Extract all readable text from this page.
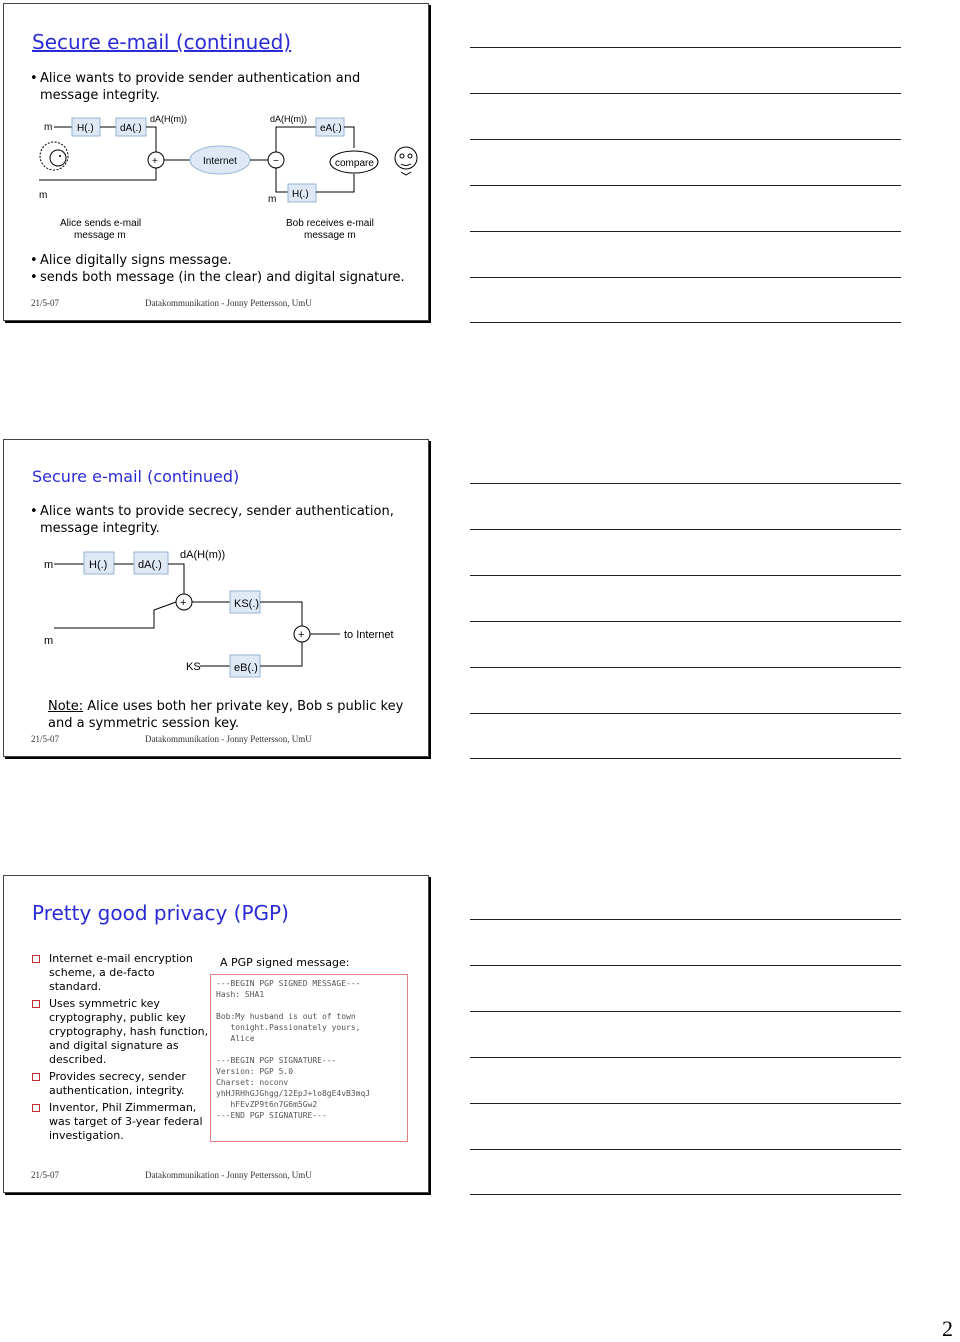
Secure e-mail (continued)
• Alice wants to provide sender authentication and message integrity.
m H(.)	dA(.)
dA(H(m))
+	Internet	−
dA(H(m))
eA(.)
compare
H(.)
m	m
Alice sends e-mail
message m
Bob receives e-mail
message m
• Alice digitally signs message.
• sends both message (in the clear) and digital signature.
21/5-07	Datakommunikation - Jonny Pettersson, UmU
Secure e-mail (continued)
• Alice wants to provide secrecy, sender authentication, message integrity.
m	H(.)	dA(.)
dA(H(m))
+	KS(.)
m	+	to Internet
KS	eB(.)
Note: Alice uses both her private key, Bob s public key and a symmetric session key.
21/5-07	Datakommunikation - Jonny Pettersson, UmU
Pretty good privacy (PGP)
Internet e-mail encryption scheme, a de-facto standard.
Uses symmetric key cryptography, public key cryptography, hash function, and digital signature as described.
Provides secrecy, sender authentication, integrity.
Inventor, Phil Zimmerman, was target of 3-year federal investigation.
A PGP signed message:
---BEGIN PGP SIGNED MESSAGE---
Hash: SHA1

Bob:My husband is out of town
tonight.Passionately yours,
Alice

---BEGIN PGP SIGNATURE---
Version: PGP 5.0
Charset: noconv
yhHJRHhGJGhgg/12EpJ+lo8gE4vB3mqJ
hFEvZP9t6n7G6m5Gw2
---END PGP SIGNATURE---
21/5-07	Datakommunikation - Jonny Pettersson, UmU
2
